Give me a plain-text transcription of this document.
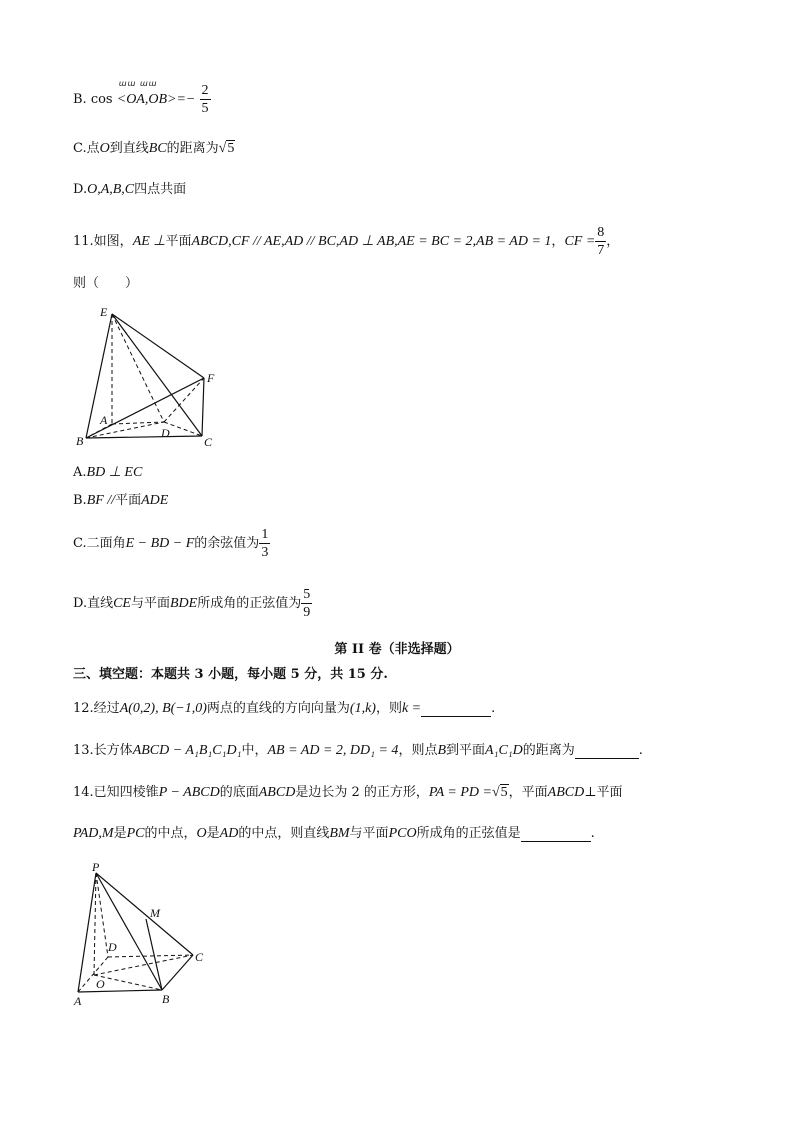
B. cos
ɯɯ ɯɯ
$<OA,OB>=- \frac{2}{5}$
C.点O到直线BC的距离为√5
D.O,A,B,C四点共面
11.如图，AE ⊥平面ABCD,CF // AE,AD // BC,AD ⊥ AB,AE = BC = 2,AB = AD = 1，CF = $\frac{8}{7}$ ，
则（　　）
E
F
A
D
B	C
A.BD ⊥ EC
B.BF //平面ADE
C.二面角E − BD − F的余弦值为 $\frac{1}{3}$
D.直线CE与平面BDE所成角的正弦值为 $\frac{5}{9}$
第 II 卷（非选择题）
三、填空题：本题共 3 小题，每小题 5 分，共 15 分.
12.经过A(0,2), B(−1,0)两点的直线的方向向量为(1,k)，则k =	.
13.长方体ABCD − A₁B₁C₁D₁中，AB = AD = 2, DD₁ = 4，则点B到平面A₁C₁D的距离为	.
14.已知四棱锥P − ABCD的底面ABCD是边长为 2 的正方形，PA = PD =√5，平面ABCD⊥平面
PAD,M是PC的中点，O是AD的中点，则直线BM与平面PCO所成角的正弦值是	.
P
M
D
C
O
A	B
